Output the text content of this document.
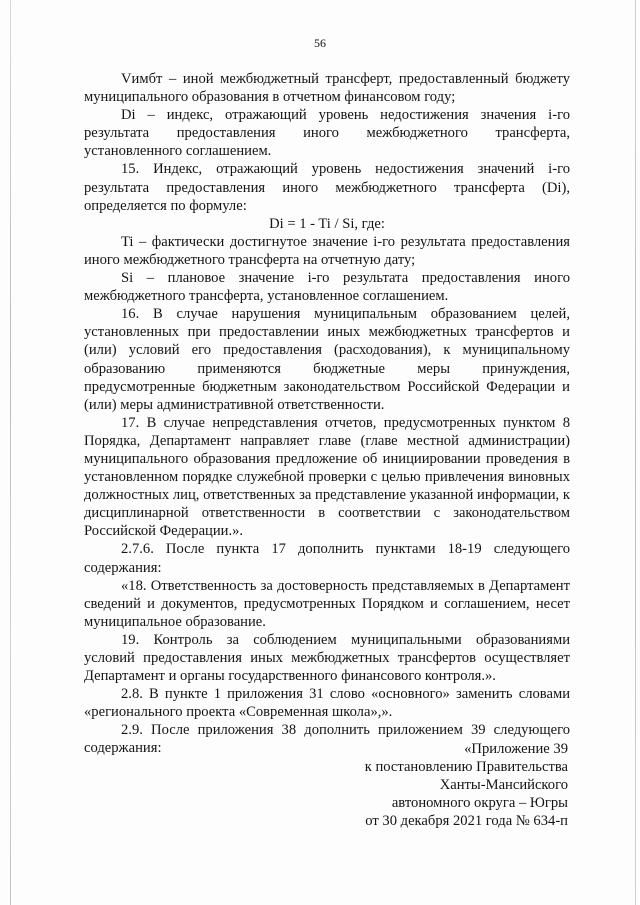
56

Vимбт – иной межбюджетный трансферт, предоставленный бюджету муниципального образования в отчетном финансовом году;

Di – индекс, отражающий уровень недостижения значения i-го результата предоставления иного межбюджетного трансферта, установленного соглашением.

15. Индекс, отражающий уровень недостижения значений i-го результата предоставления иного межбюджетного трансферта (Di), определяется по формуле:

Di = 1 - Ti / Si, где:

Ti – фактически достигнутое значение i-го результата предоставления иного межбюджетного трансферта на отчетную дату;

Si – плановое значение i-го результата предоставления иного межбюджетного трансферта, установленное соглашением.

16. В случае нарушения муниципальным образованием целей, установленных при предоставлении иных межбюджетных трансфертов и (или) условий его предоставления (расходования), к муниципальному образованию применяются бюджетные меры принуждения, предусмотренные бюджетным законодательством Российской Федерации и (или) меры административной ответственности.

17. В случае непредставления отчетов, предусмотренных пунктом 8 Порядка, Департамент направляет главе (главе местной администрации) муниципального образования предложение об инициировании проведения в установленном порядке служебной проверки с целью привлечения виновных должностных лиц, ответственных за представление указанной информации, к дисциплинарной ответственности в соответствии с законодательством Российской Федерации.».

2.7.6. После пункта 17 дополнить пунктами 18-19 следующего содержания:

«18. Ответственность за достоверность представляемых в Департамент сведений и документов, предусмотренных Порядком и соглашением, несет муниципальное образование.

19. Контроль за соблюдением муниципальными образованиями условий предоставления иных межбюджетных трансфертов осуществляет Департамент и органы государственного финансового контроля.».

2.8. В пункте 1 приложения 31 слово «основного» заменить словами «регионального проекта «Современная школа»,».

2.9. После приложения 38 дополнить приложением 39 следующего содержания:	«Приложение 39
к постановлению Правительства
Ханты-Мансийского
автономного округа – Югры
от 30 декабря 2021 года № 634-п
